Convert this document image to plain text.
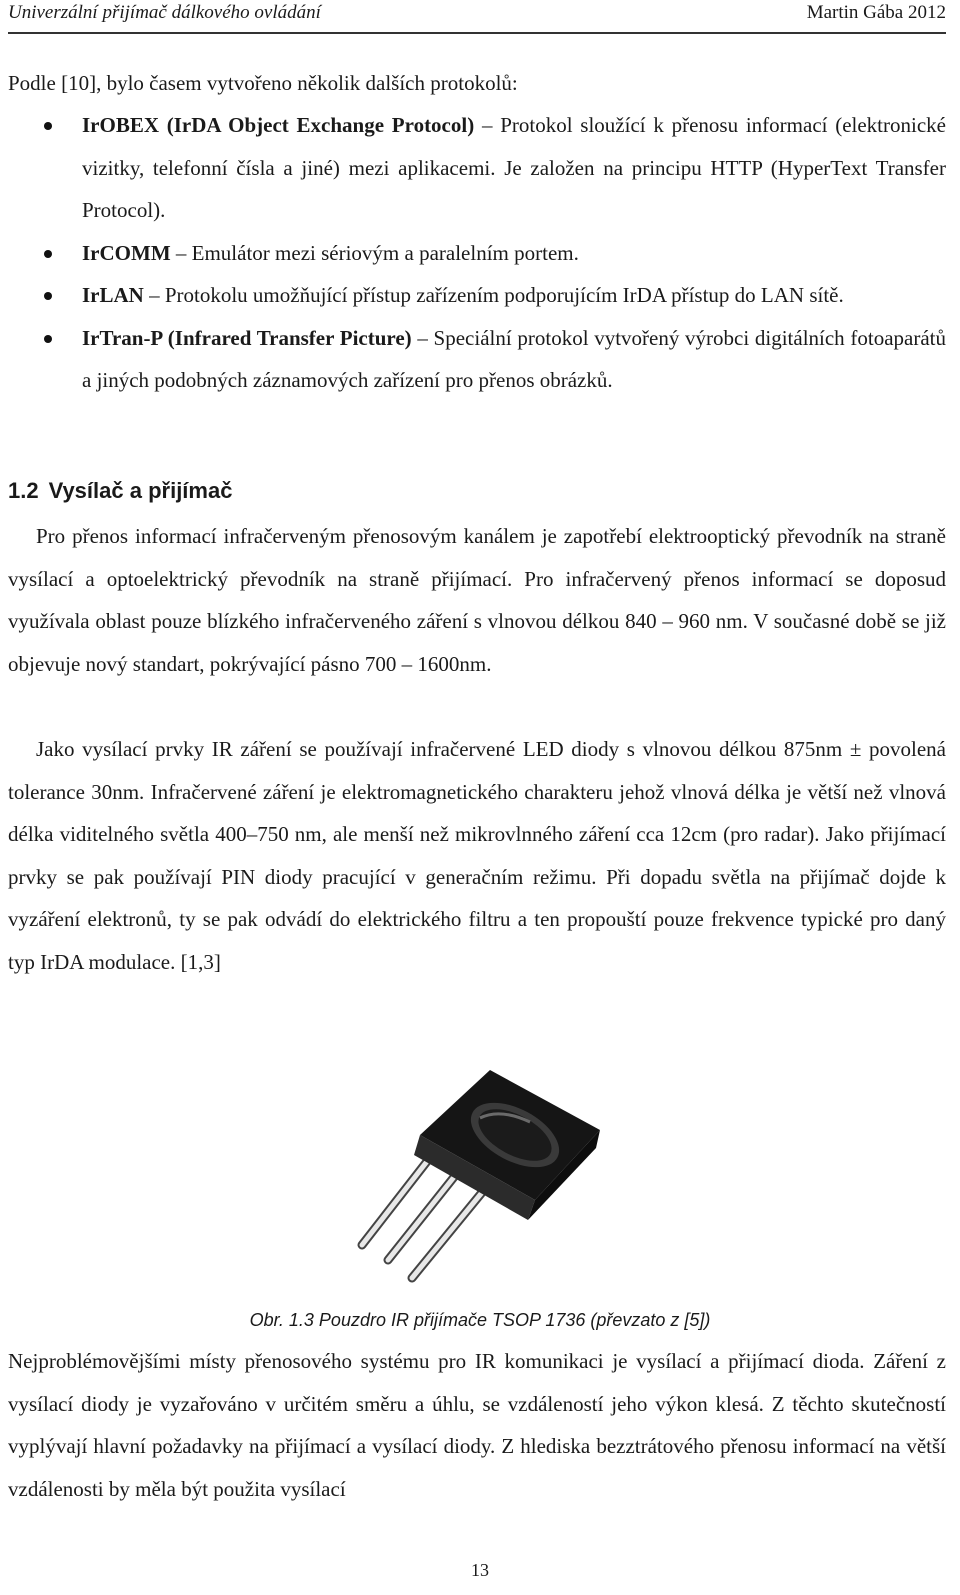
Univerzální přijímač dálkového ovládání	Martin Gába 2012
Podle [10], bylo časem vytvořeno několik dalších protokolů:
IrOBEX (IrDA Object Exchange Protocol) – Protokol sloužící k přenosu informací (elektronické vizitky, telefonní čísla a jiné) mezi aplikacemi. Je založen na principu HTTP (HyperText Transfer Protocol).
IrCOMM – Emulátor mezi sériovým a paralelním portem.
IrLAN – Protokolu umožňující přístup zařízením podporujícím IrDA přístup do LAN sítě.
IrTran-P (Infrared Transfer Picture) – Speciální protokol vytvořený výrobci digitálních fotoaparátů a jiných podobných záznamových zařízení pro přenos obrázků.
1.2 Vysílač a přijímač
Pro přenos informací infračerveným přenosovým kanálem je zapotřebí elektrooptický převodník na straně vysílací a optoelektrický převodník na straně přijímací. Pro infračervený přenos informací se doposud využívala oblast pouze blízkého infračerveného záření s vlnovou délkou 840 – 960 nm. V současné době se již objevuje nový standart, pokrývající pásno 700 – 1600nm.
Jako vysílací prvky IR záření se používají infračervené LED diody s vlnovou délkou 875nm ± povolená tolerance 30nm. Infračervené záření je elektromagnetického charakteru jehož vlnová délka je větší než vlnová délka viditelného světla 400–750 nm, ale menší než mikrovlnného záření cca 12cm (pro radar). Jako přijímací prvky se pak používají PIN diody pracující v generačním režimu. Při dopadu světla na přijímač dojde k vyzáření elektronů, ty se pak odvádí do elektrického filtru a ten propouští pouze frekvence typické pro daný typ IrDA modulace. [1,3]
Obr. 1.3 Pouzdro IR přijímače TSOP 1736 (převzato z [5])
Nejproblémovějšími místy přenosového systému pro IR komunikaci je vysílací a přijímací dioda. Záření z vysílací diody je vyzařováno v určitém směru a úhlu, se vzdáleností jeho výkon klesá. Z těchto skutečností vyplývají hlavní požadavky na přijímací a vysílací diody. Z hlediska bezztrátového přenosu informací na větší vzdálenosti by měla být použita vysílací
13
